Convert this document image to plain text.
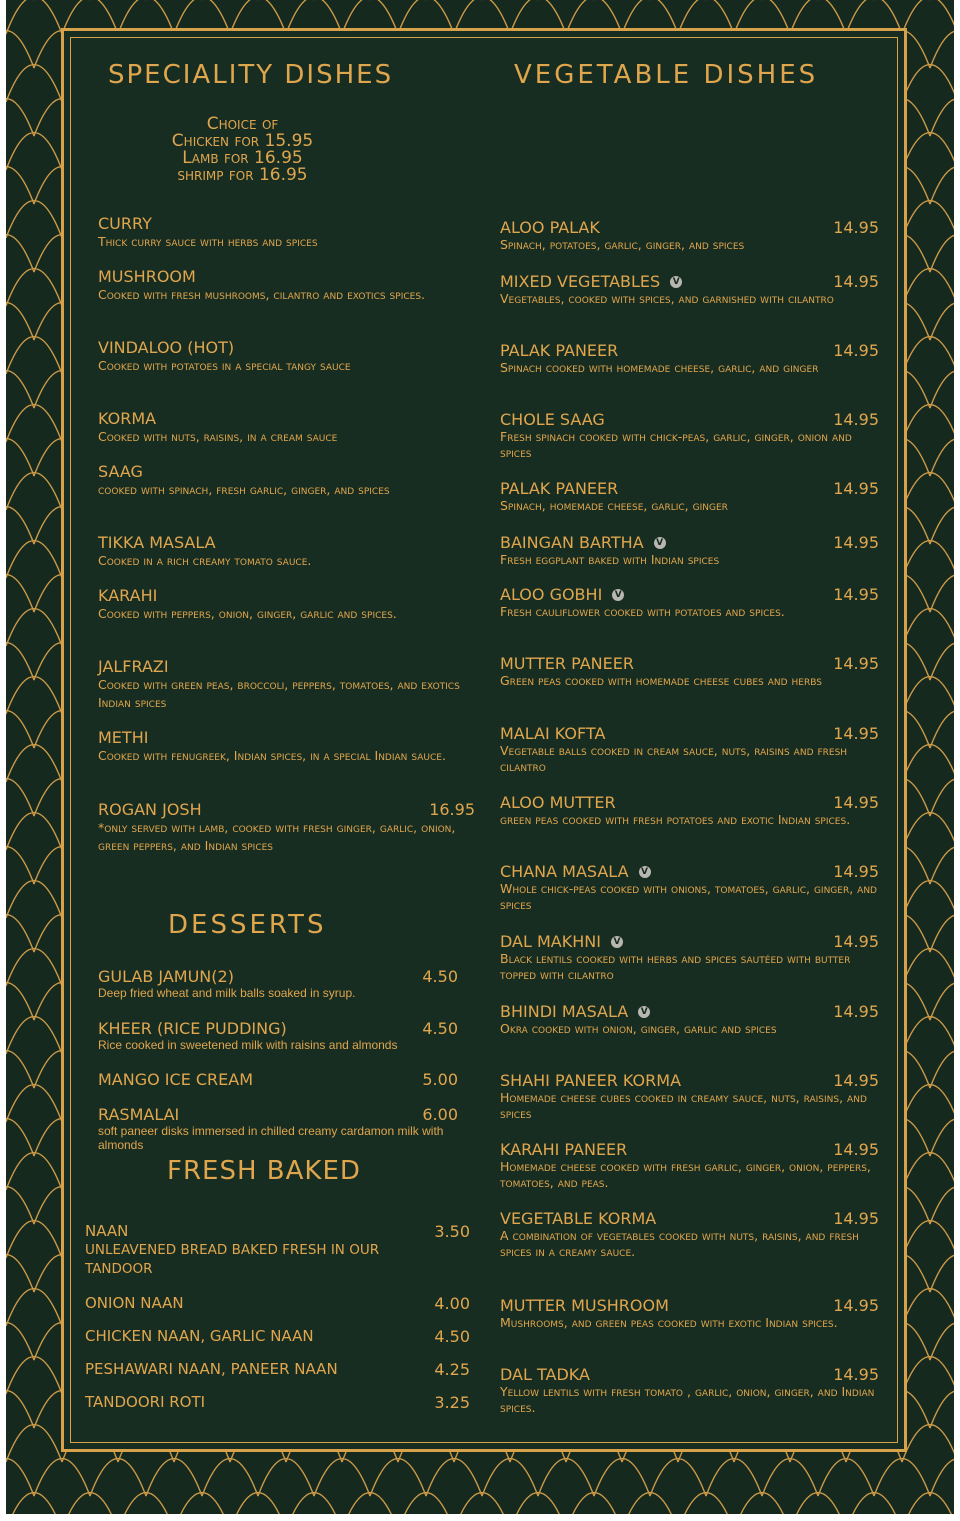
SPECIALITY DISHES
Choice of
Chicken for 15.95
Lamb for 16.95
shrimp for 16.95
CURRY
Thick curry sauce with herbs and spices
MUSHROOM
Cooked with fresh mushrooms, cilantro and exotics spices.
VINDALOO (HOT)
Cooked with potatoes in a special tangy sauce
KORMA
Cooked with nuts, raisins, in a cream sauce
SAAG
cooked with spinach, fresh garlic, ginger, and spices
TIKKA MASALA
Cooked in a rich creamy tomato sauce.
KARAHI
Cooked with peppers, onion, ginger, garlic and spices.
JALFRAZI
Cooked with green peas, broccoli, peppers, tomatoes, and exotics Indian spices
METHI
Cooked with fenugreek, Indian spices, in a special Indian sauce.
ROGAN JOSH	16.95
*only served with lamb, cooked with fresh ginger, garlic, onion, green peppers, and Indian spices
DESSERTS
GULAB JAMUN(2)	4.50
Deep fried wheat and milk balls soaked in syrup.
KHEER (RICE PUDDING)	4.50
Rice cooked in sweetened milk with raisins and almonds
MANGO ICE CREAM	5.00
RASMALAI	6.00
soft paneer disks immersed in chilled creamy cardamon milk with almonds
FRESH BAKED
NAAN	3.50
UNLEAVENED BREAD BAKED FRESH IN OUR TANDOOR
ONION NAAN	4.00
CHICKEN NAAN, GARLIC NAAN	4.50
PESHAWARI NAAN, PANEER NAAN	4.25
TANDOORI ROTI	3.25
VEGETABLE DISHES
ALOO PALAK	14.95
Spinach, potatoes, garlic, ginger, and spices
MIXED VEGETABLES V	14.95
Vegetables, cooked with spices, and garnished with cilantro
PALAK PANEER	14.95
Spinach cooked with homemade cheese, garlic, and ginger
CHOLE SAAG	14.95
Fresh spinach cooked with chick-peas, garlic, ginger, onion and spices
PALAK PANEER	14.95
Spinach, homemade cheese, garlic, ginger
BAINGAN BARTHA V	14.95
Fresh eggplant baked with Indian spices
ALOO GOBHI V	14.95
Fresh cauliflower cooked with potatoes and spices.
MUTTER PANEER	14.95
Green peas cooked with homemade cheese cubes and herbs
MALAI KOFTA	14.95
Vegetable balls cooked in cream sauce, nuts, raisins and fresh cilantro
ALOO MUTTER	14.95
green peas cooked with fresh potatoes and exotic Indian spices.
CHANA MASALA V	14.95
Whole chick-peas cooked with onions, tomatoes, garlic, ginger, and spices
DAL MAKHNI V	14.95
Black lentils cooked with herbs and spices sautéed with butter topped with cilantro
BHINDI MASALA V	14.95
Okra cooked with onion, ginger, garlic and spices
SHAHI PANEER KORMA	14.95
Homemade cheese cubes cooked in creamy sauce, nuts, raisins, and spices
KARAHI PANEER	14.95
Homemade cheese cooked with fresh garlic, ginger, onion, peppers, tomatoes, and peas.
VEGETABLE KORMA	14.95
A combination of vegetables cooked with nuts, raisins, and fresh spices in a creamy sauce.
MUTTER MUSHROOM	14.95
Mushrooms, and green peas cooked with exotic Indian spices.
DAL TADKA	14.95
Yellow lentils with fresh tomato , garlic, onion, ginger, and Indian spices.
